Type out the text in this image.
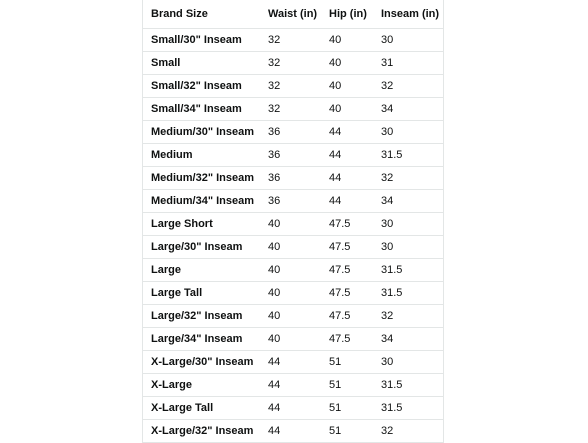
Brand Size	Waist (in)	Hip (in)	Inseam (in)
Small/30" Inseam	32	40	30
Small	32	40	31
Small/32" Inseam	32	40	32
Small/34" Inseam	32	40	34
Medium/30" Inseam	36	44	30
Medium	36	44	31.5
Medium/32" Inseam	36	44	32
Medium/34" Inseam	36	44	34
Large Short	40	47.5	30
Large/30" Inseam	40	47.5	30
Large	40	47.5	31.5
Large Tall	40	47.5	31.5
Large/32" Inseam	40	47.5	32
Large/34" Inseam	40	47.5	34
X-Large/30" Inseam	44	51	30
X-Large	44	51	31.5
X-Large Tall	44	51	31.5
X-Large/32" Inseam	44	51	32
